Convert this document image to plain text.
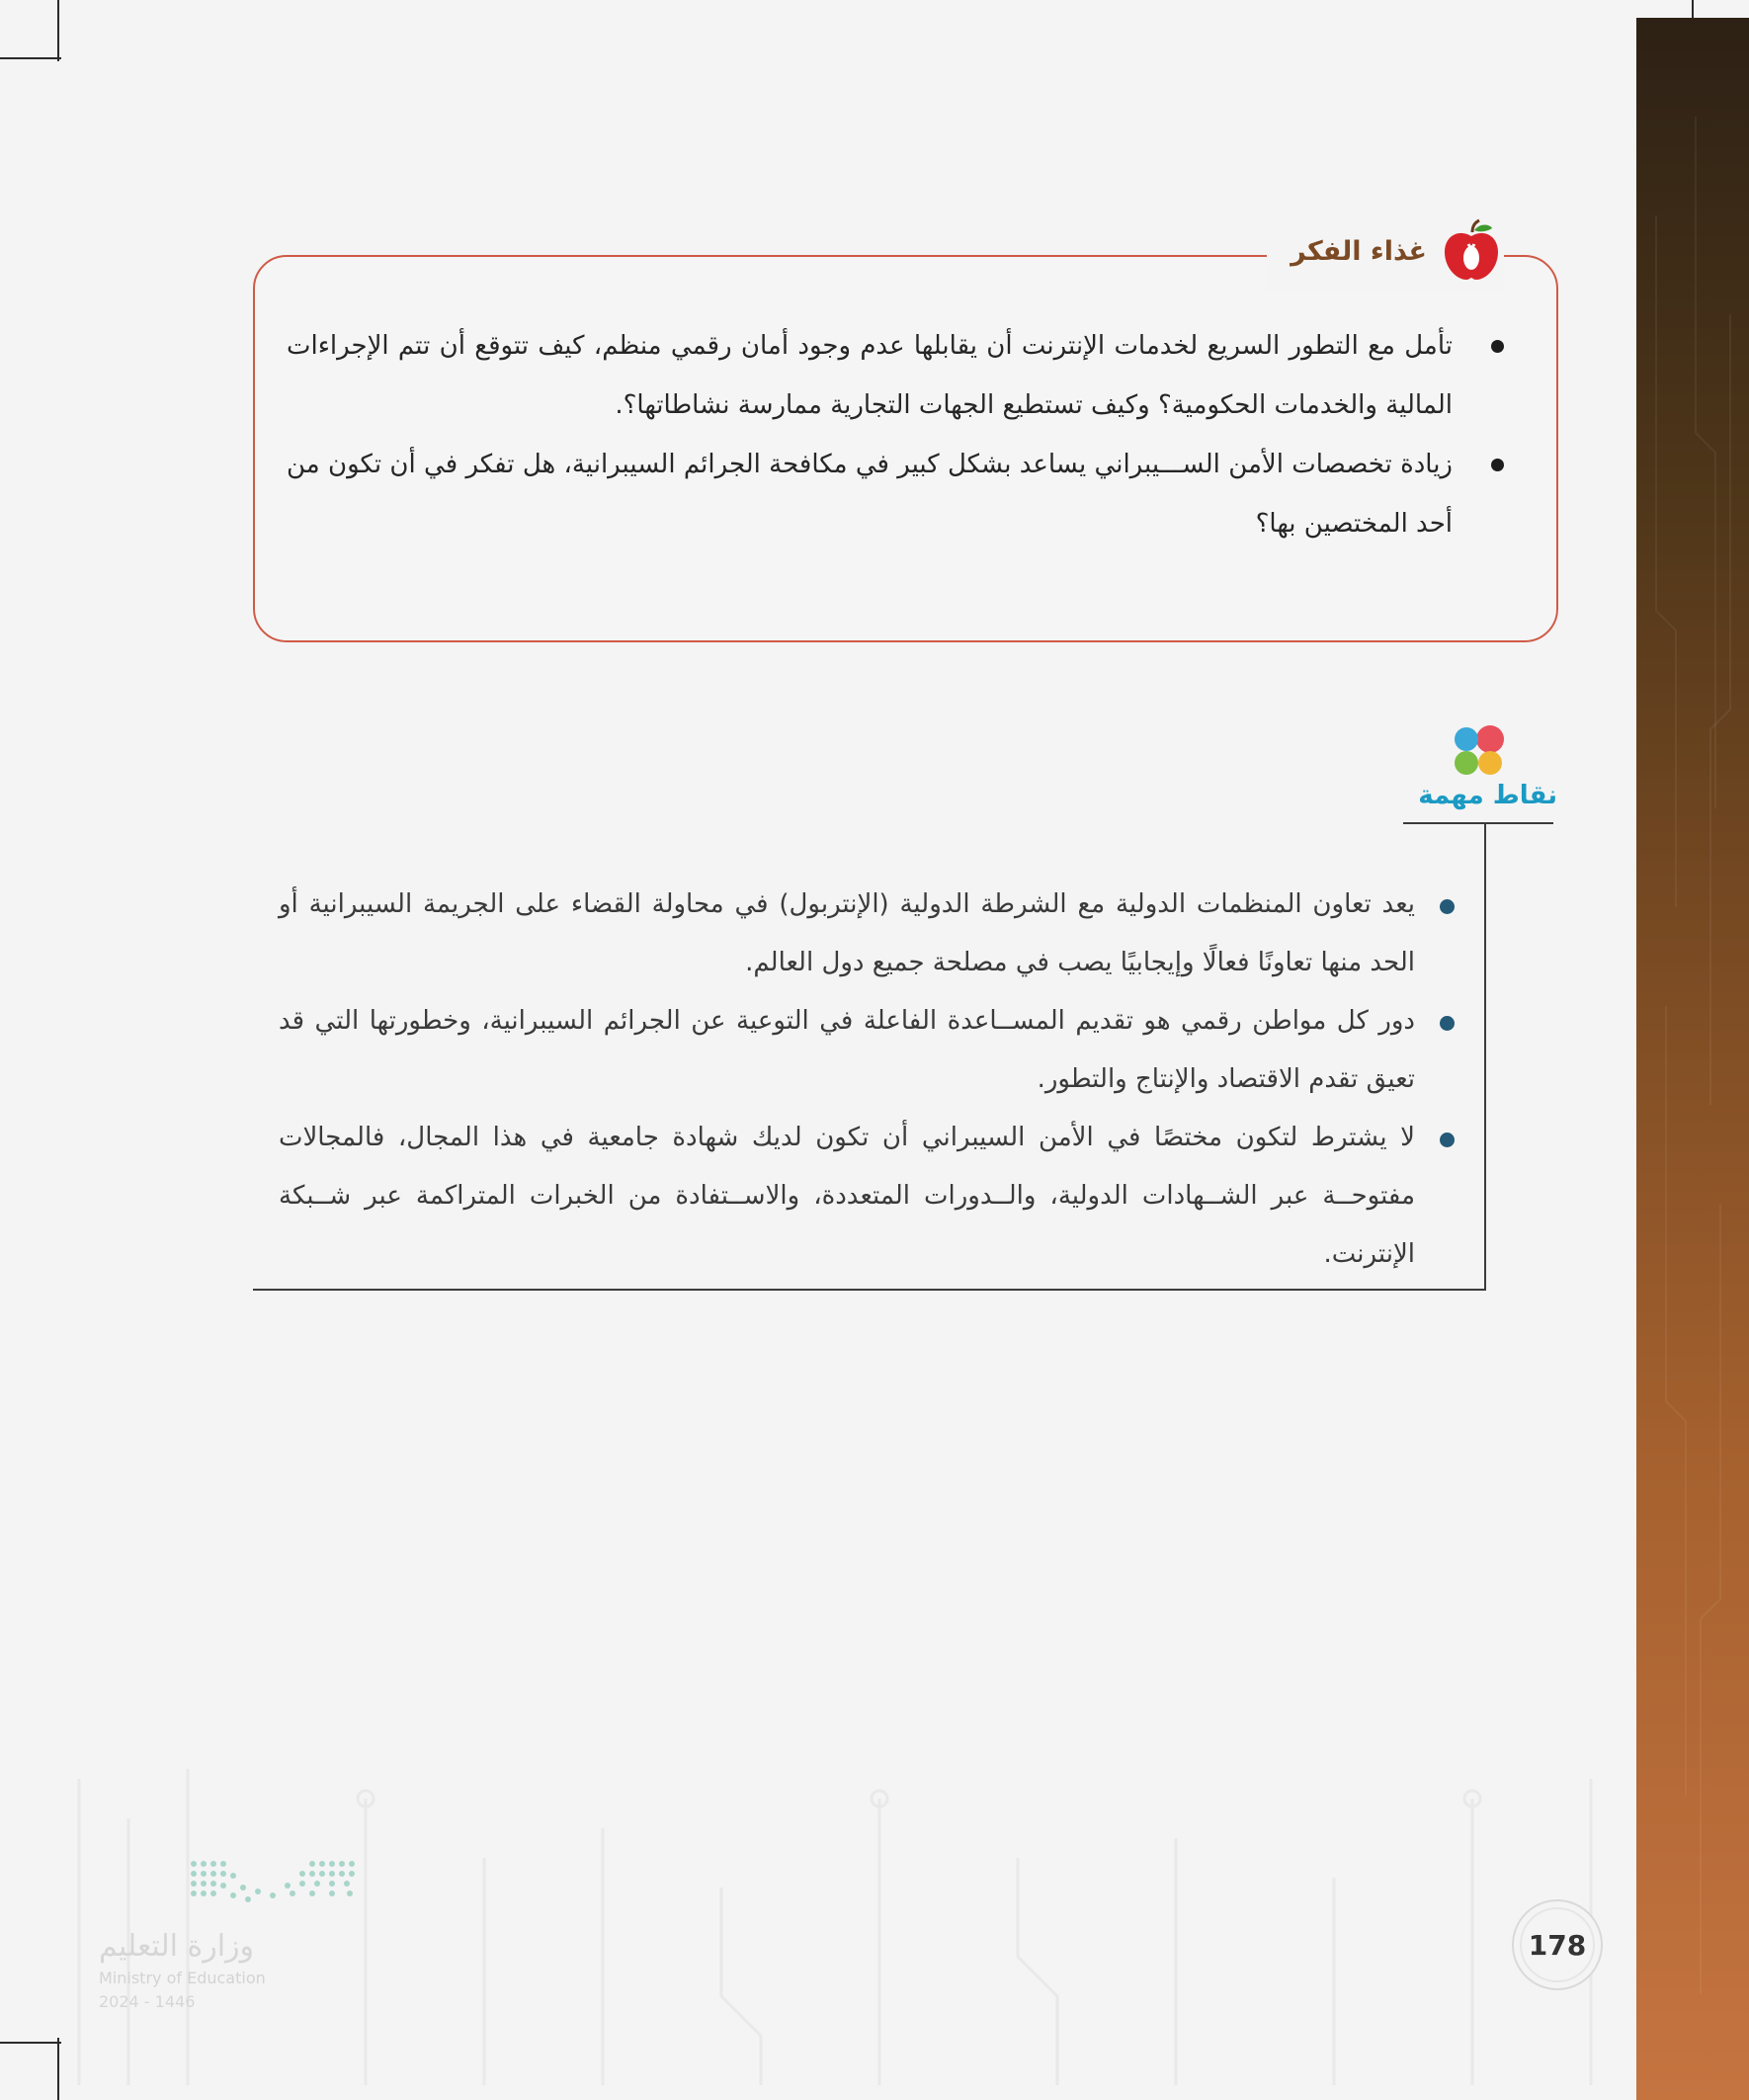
غذاء الفكر
تأمل مع التطور السريع لخدمات الإنترنت أن يقابلها عدم وجود أمان رقمي منظم، كيف تتوقع أن تتم الإجراءات المالية والخدمات الحكومية؟ وكيف تستطيع الجهات التجارية ممارسة نشاطاتها؟.
زيادة تخصصات الأمن الســـيبراني يساعد بشكل كبير في مكافحة الجرائم السيبرانية، هل تفكر في أن تكون من أحد المختصين بها؟
نقاط مهمة
يعد تعاون المنظمات الدولية مع الشرطة الدولية (الإنتربول) في محاولة القضاء على الجريمة السيبرانية أو الحد منها تعاونًا فعالًا وإيجابيًا يصب في مصلحة جميع دول العالم.
دور كل مواطن رقمي هو تقديم المســاعدة الفاعلة في التوعية عن الجرائم السيبرانية، وخطورتها التي قد تعيق تقدم الاقتصاد والإنتاج والتطور.
لا يشترط لتكون مختصًا في الأمن السيبراني أن تكون لديك شهادة جامعية في هذا المجال، فالمجالات مفتوحــة عبر الشــهادات الدولية، والــدورات المتعددة، والاســتفادة من الخبرات المتراكمة عبر شــبكة الإنترنت.
178
وزارة التعليم
Ministry of Education
2024 - 1446
